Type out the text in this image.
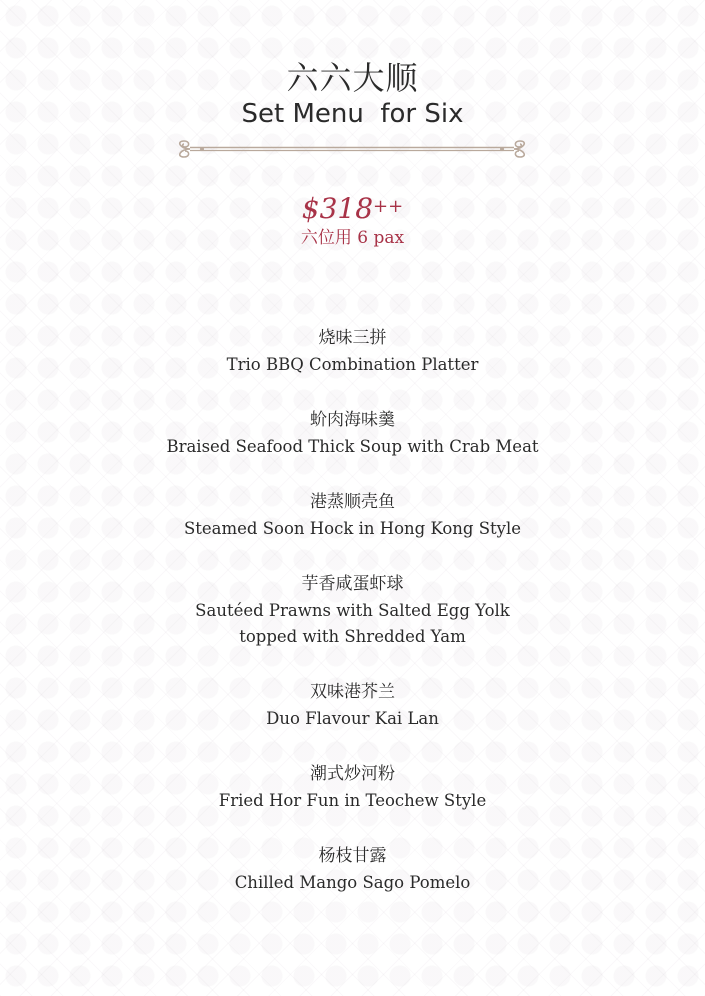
六六大顺
Set Menu  for Six
$318++
六位用 6 pax
烧味三拼
Trio BBQ Combination Platter
蚧肉海味羹
Braised Seafood Thick Soup with Crab Meat
港蒸顺壳鱼
Steamed Soon Hock in Hong Kong Style
芋香咸蛋虾球
Sautéed Prawns with Salted Egg Yolk
topped with Shredded Yam
双味港芥兰
Duo Flavour Kai Lan
潮式炒河粉
Fried Hor Fun in Teochew Style
杨枝甘露
Chilled Mango Sago Pomelo
